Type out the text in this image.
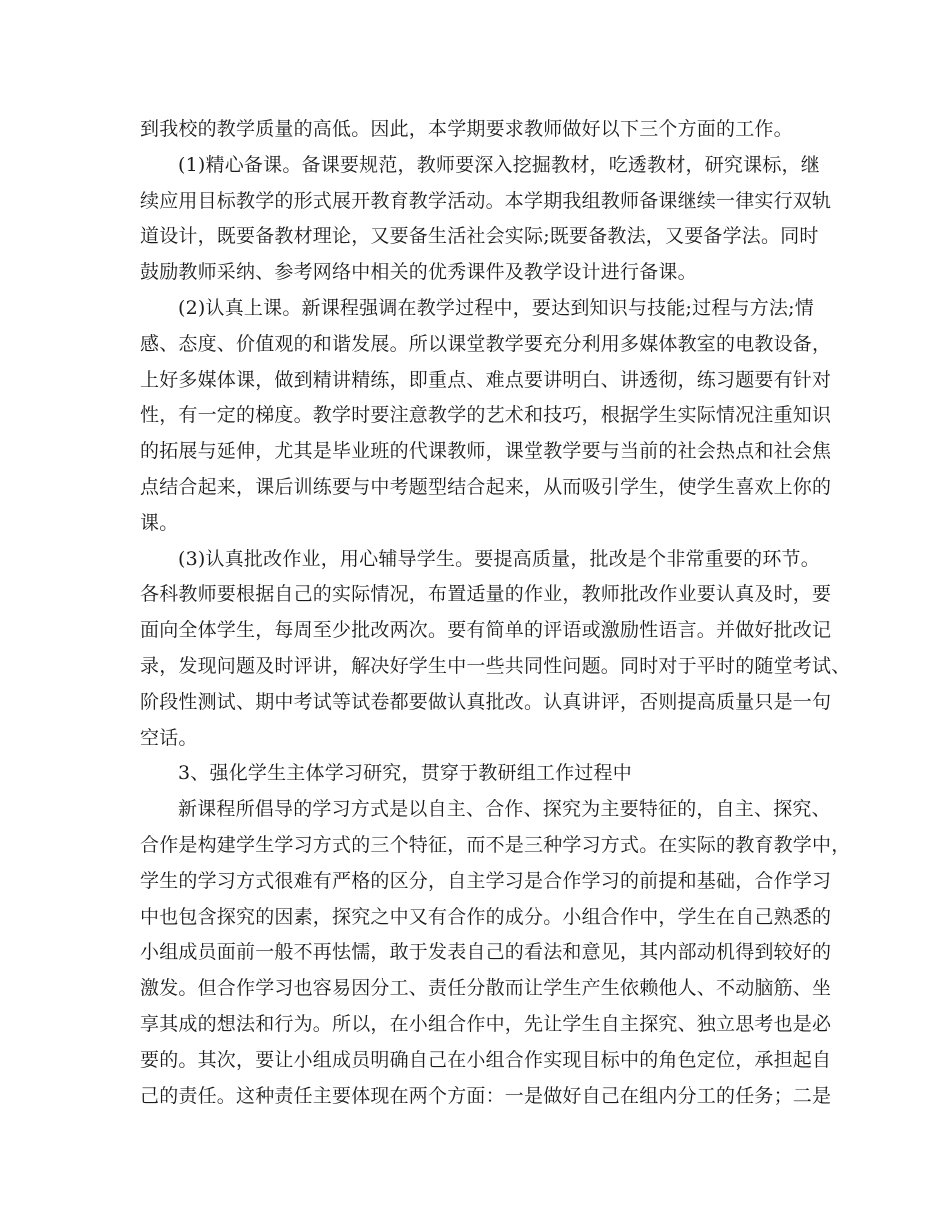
到我校的教学质量的高低。因此，本学期要求教师做好以下三个方面的工作。
(1)精心备课。备课要规范，教师要深入挖掘教材，吃透教材，研究课标，继
续应用目标教学的形式展开教育教学活动。本学期我组教师备课继续一律实行双轨
道设计，既要备教材理论，又要备生活社会实际;既要备教法，又要备学法。同时
鼓励教师采纳、参考网络中相关的优秀课件及教学设计进行备课。
(2)认真上课。新课程强调在教学过程中，要达到知识与技能;过程与方法;情
感、态度、价值观的和谐发展。所以课堂教学要充分利用多媒体教室的电教设备，
上好多媒体课，做到精讲精练，即重点、难点要讲明白、讲透彻，练习题要有针对
性，有一定的梯度。教学时要注意教学的艺术和技巧，根据学生实际情况注重知识
的拓展与延伸，尤其是毕业班的代课教师，课堂教学要与当前的社会热点和社会焦
点结合起来，课后训练要与中考题型结合起来，从而吸引学生，使学生喜欢上你的
课。
(3)认真批改作业，用心辅导学生。要提高质量，批改是个非常重要的环节。
各科教师要根据自己的实际情况，布置适量的作业，教师批改作业要认真及时，要
面向全体学生，每周至少批改两次。要有简单的评语或激励性语言。并做好批改记
录，发现问题及时评讲，解决好学生中一些共同性问题。同时对于平时的随堂考试、
阶段性测试、期中考试等试卷都要做认真批改。认真讲评，否则提高质量只是一句
空话。
3、强化学生主体学习研究，贯穿于教研组工作过程中
新课程所倡导的学习方式是以自主、合作、探究为主要特征的，自主、探究、
合作是构建学生学习方式的三个特征，而不是三种学习方式。在实际的教育教学中，
学生的学习方式很难有严格的区分，自主学习是合作学习的前提和基础，合作学习
中也包含探究的因素，探究之中又有合作的成分。小组合作中，学生在自己熟悉的
小组成员面前一般不再怯懦，敢于发表自己的看法和意见，其内部动机得到较好的
激发。但合作学习也容易因分工、责任分散而让学生产生依赖他人、不动脑筋、坐
享其成的想法和行为。所以，在小组合作中，先让学生自主探究、独立思考也是必
要的。其次，要让小组成员明确自己在小组合作实现目标中的角色定位，承担起自
己的责任。这种责任主要体现在两个方面：一是做好自己在组内分工的任务；二是
